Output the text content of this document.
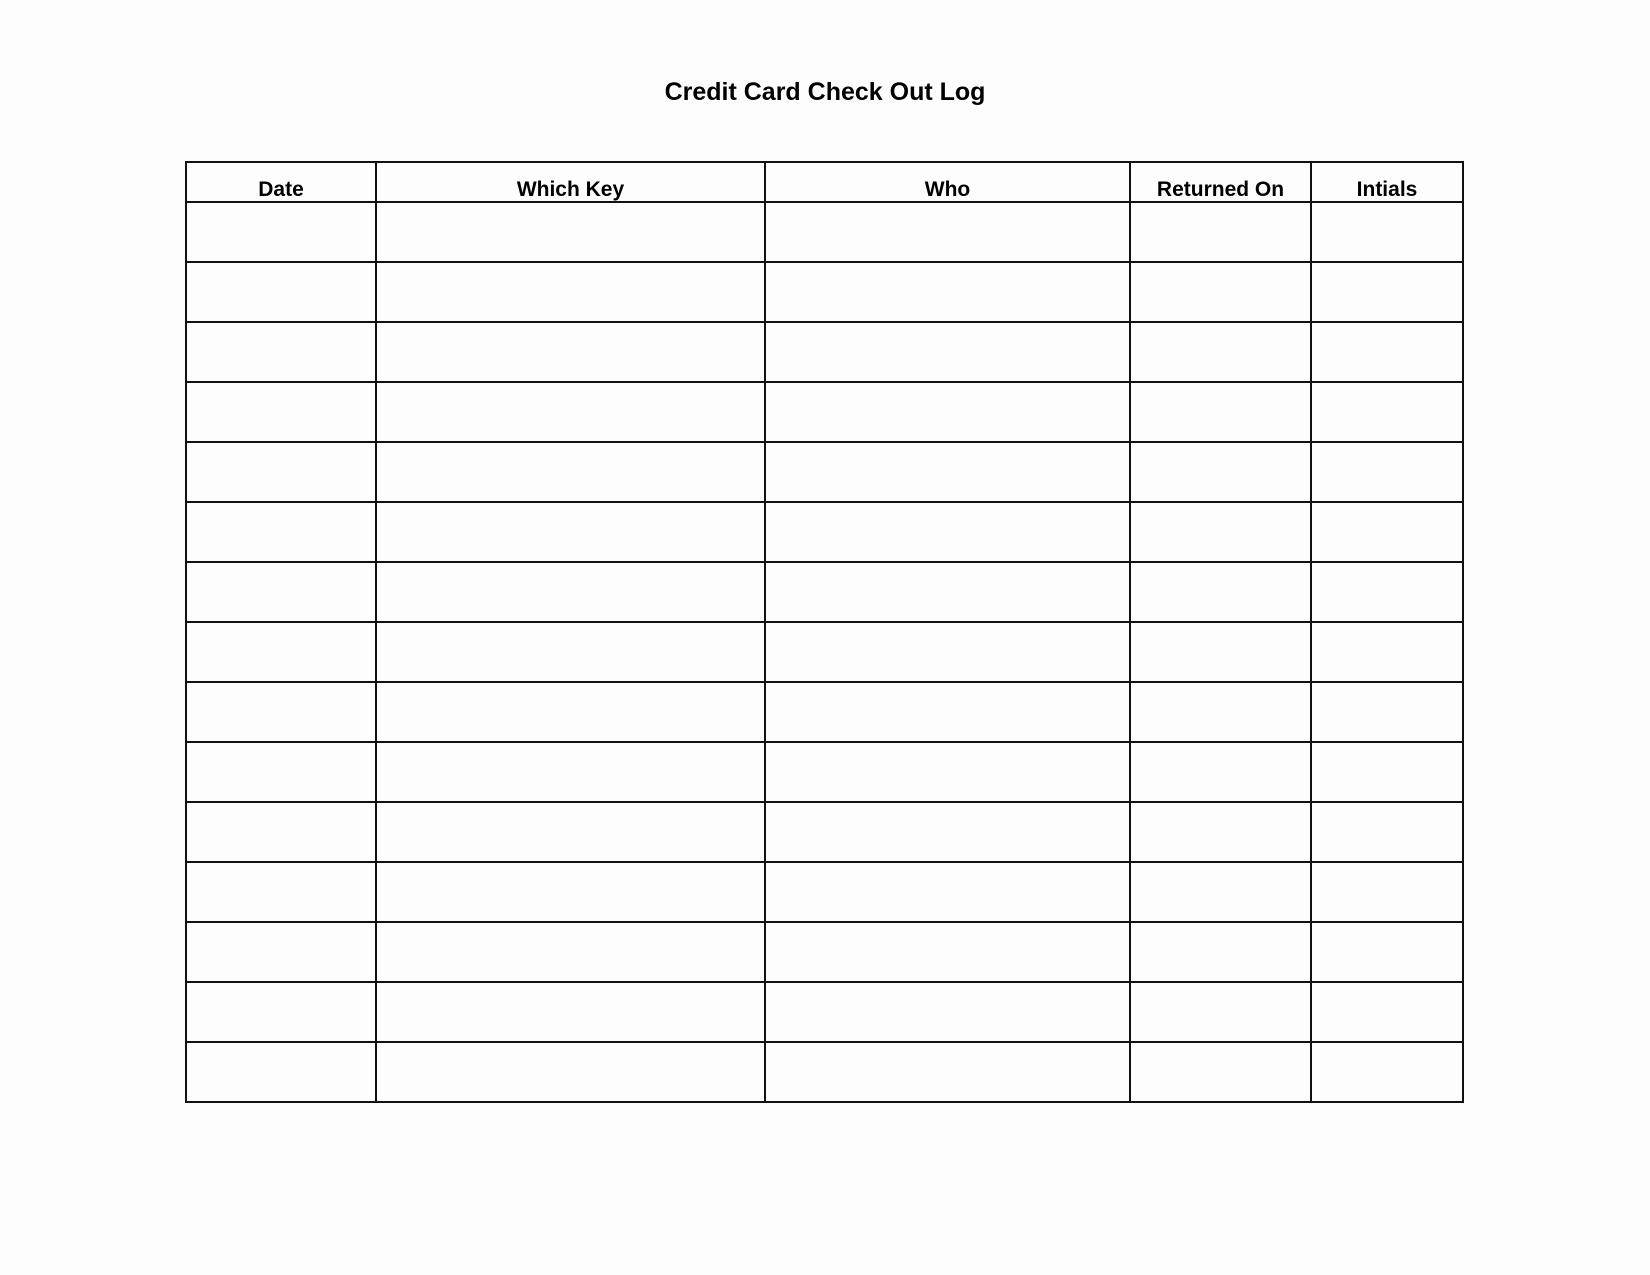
Credit Card Check Out Log
Date	Which Key	Who	Returned On	Intials
